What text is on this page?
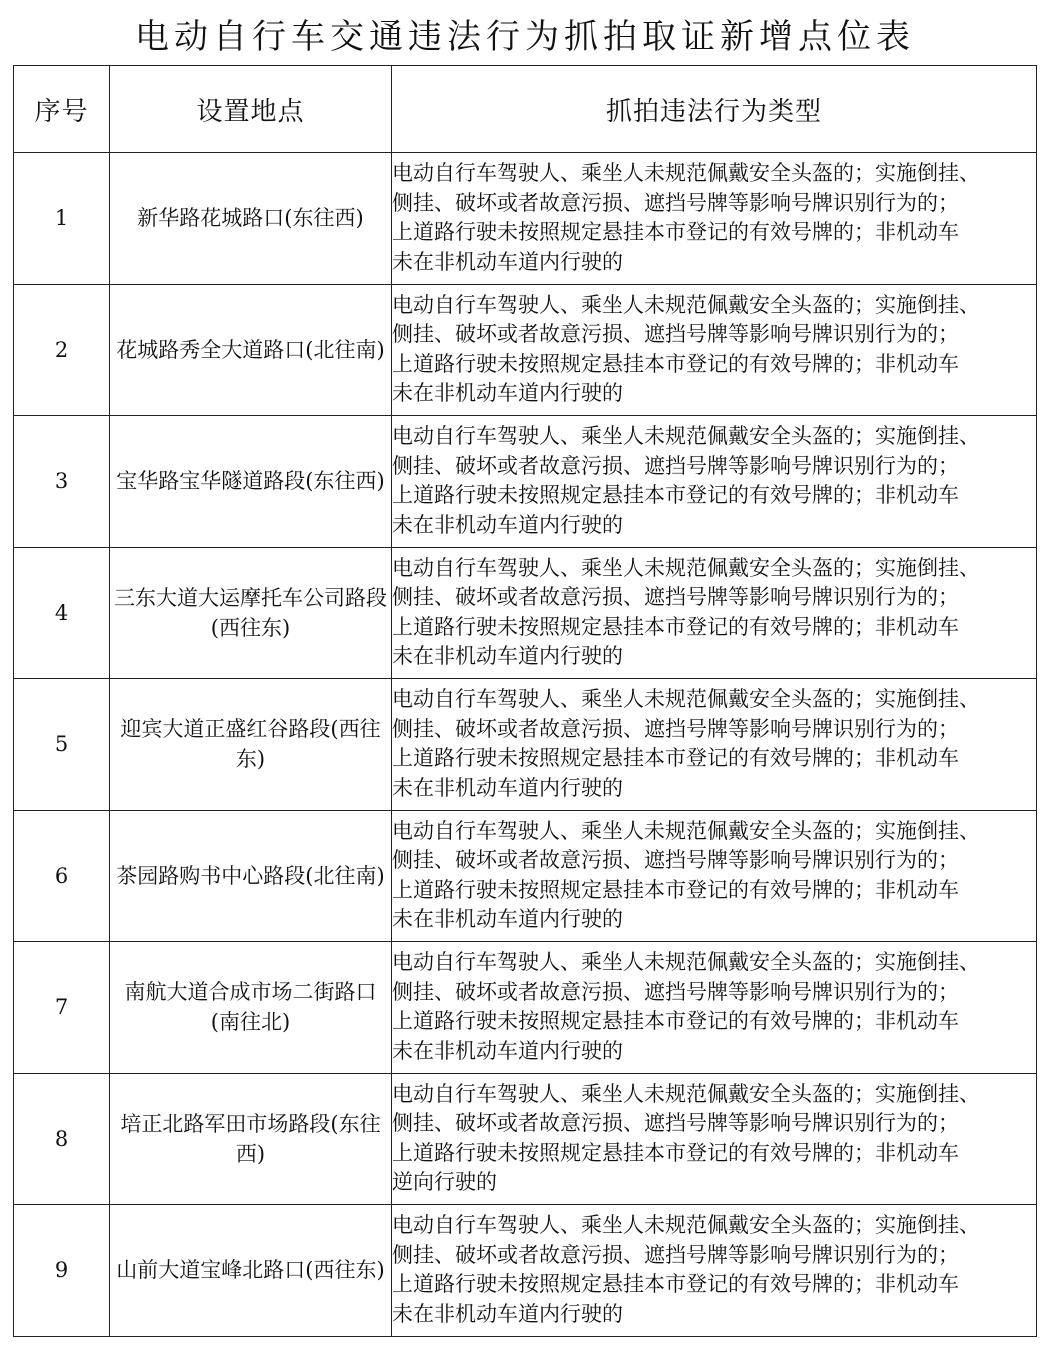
电动自行车交通违法行为抓拍取证新增点位表
序号	设置地点	抓拍违法行为类型
1	新华路花城路口(东往西)	电动自行车驾驶人、乘坐人未规范佩戴安全头盔的；实施倒挂、
侧挂、破坏或者故意污损、遮挡号牌等影响号牌识别行为的；
上道路行驶未按照规定悬挂本市登记的有效号牌的；非机动车
未在非机动车道内行驶的

2	花城路秀全大道路口(北往南)	电动自行车驾驶人、乘坐人未规范佩戴安全头盔的；实施倒挂、
侧挂、破坏或者故意污损、遮挡号牌等影响号牌识别行为的；
上道路行驶未按照规定悬挂本市登记的有效号牌的；非机动车
未在非机动车道内行驶的

3	宝华路宝华隧道路段(东往西)	电动自行车驾驶人、乘坐人未规范佩戴安全头盔的；实施倒挂、
侧挂、破坏或者故意污损、遮挡号牌等影响号牌识别行为的；
上道路行驶未按照规定悬挂本市登记的有效号牌的；非机动车
未在非机动车道内行驶的

4	三东大道大运摩托车公司路段(西往东)	电动自行车驾驶人、乘坐人未规范佩戴安全头盔的；实施倒挂、
侧挂、破坏或者故意污损、遮挡号牌等影响号牌识别行为的；
上道路行驶未按照规定悬挂本市登记的有效号牌的；非机动车
未在非机动车道内行驶的

5	迎宾大道正盛红谷路段(西往东)	电动自行车驾驶人、乘坐人未规范佩戴安全头盔的；实施倒挂、
侧挂、破坏或者故意污损、遮挡号牌等影响号牌识别行为的；
上道路行驶未按照规定悬挂本市登记的有效号牌的；非机动车
未在非机动车道内行驶的

6	茶园路购书中心路段(北往南)	电动自行车驾驶人、乘坐人未规范佩戴安全头盔的；实施倒挂、
侧挂、破坏或者故意污损、遮挡号牌等影响号牌识别行为的；
上道路行驶未按照规定悬挂本市登记的有效号牌的；非机动车
未在非机动车道内行驶的

7	南航大道合成市场二街路口(南往北)	电动自行车驾驶人、乘坐人未规范佩戴安全头盔的；实施倒挂、
侧挂、破坏或者故意污损、遮挡号牌等影响号牌识别行为的；
上道路行驶未按照规定悬挂本市登记的有效号牌的；非机动车
未在非机动车道内行驶的

8	培正北路军田市场路段(东往西)	电动自行车驾驶人、乘坐人未规范佩戴安全头盔的；实施倒挂、
侧挂、破坏或者故意污损、遮挡号牌等影响号牌识别行为的；
上道路行驶未按照规定悬挂本市登记的有效号牌的；非机动车
逆向行驶的

9	山前大道宝峰北路口(西往东)	电动自行车驾驶人、乘坐人未规范佩戴安全头盔的；实施倒挂、
侧挂、破坏或者故意污损、遮挡号牌等影响号牌识别行为的；
上道路行驶未按照规定悬挂本市登记的有效号牌的；非机动车
未在非机动车道内行驶的
